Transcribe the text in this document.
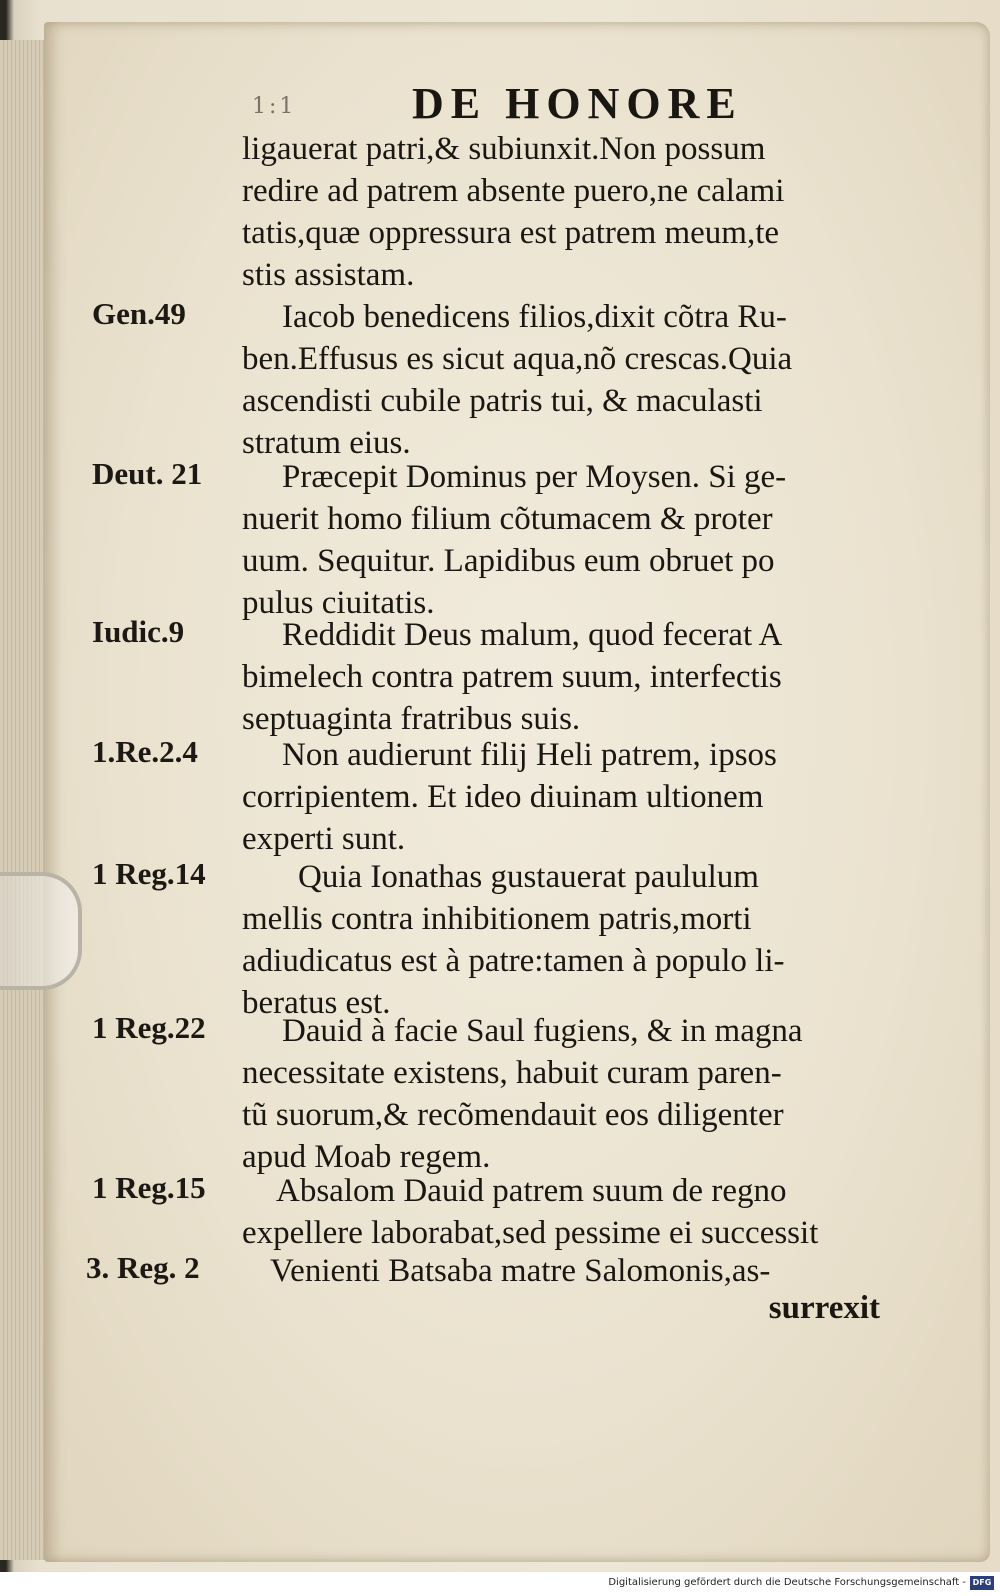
1:1	DE HONORE
ligauerat patri,& subiunxit.Non possum
redire ad patrem absente puero,ne calami
tatis,quæ oppressura est patrem meum,te
stis assistam.
Gen.49	Iacob benedicens filios,dixit cõtra Ru-
ben.Effusus es sicut aqua,nõ crescas.Quia
ascendisti cubile patris tui, & maculasti
stratum eius.
Deut. 21	Præcepit Dominus per Moysen. Si ge-
nuerit homo filium cõtumacem & proter
uum. Sequitur. Lapidibus eum obruet po
pulus ciuitatis.
Iudic.9	Reddidit Deus malum, quod fecerat A
bimelech contra patrem suum, interfectis
septuaginta fratribus suis.
1.Re.2.4	Non audierunt filij Heli patrem, ipsos
corripientem. Et ideo diuinam ultionem
experti sunt.
1 Reg.14	Quia Ionathas gustauerat paululum
mellis contra inhibitionem patris,morti
adiudicatus est à patre:tamen à populo li-
beratus est.
1 Reg.22	Dauid à facie Saul fugiens, & in magna
necessitate existens, habuit curam paren-
tũ suorum,& recõmendauit eos diligenter
apud Moab regem.
1 Reg.15	Absalom Dauid patrem suum de regno
expellere laborabat,sed pessime ei successit
3. Reg. 2	Venienti Batsaba matre Salomonis,as-
surrexit
Digitalisierung gefördert durch die Deutsche Forschungsgemeinschaft - DFG
